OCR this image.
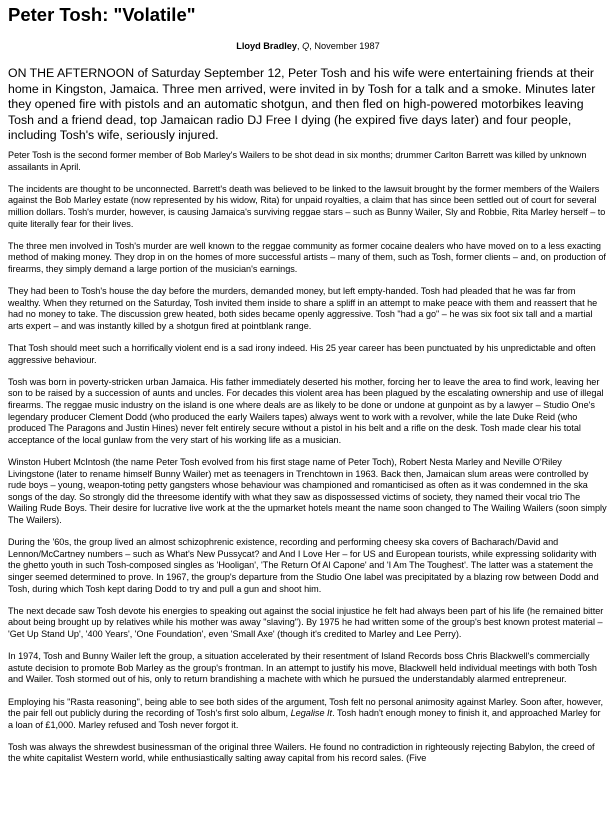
Peter Tosh: "Volatile"
Lloyd Bradley, Q, November 1987

ON THE AFTERNOON of Saturday September 12, Peter Tosh and his wife were entertaining friends at their home in Kingston, Jamaica. Three men arrived, were invited in by Tosh for a talk and a smoke. Minutes later they opened fire with pistols and an automatic shotgun, and then fled on high-powered motorbikes leaving Tosh and a friend dead, top Jamaican radio DJ Free I dying (he expired five days later) and four people, including Tosh's wife, seriously injured.

Peter Tosh is the second former member of Bob Marley's Wailers to be shot dead in six months; drummer Carlton Barrett was killed by unknown assailants in April.

The incidents are thought to be unconnected. Barrett's death was believed to be linked to the lawsuit brought by the former members of the Wailers against the Bob Marley estate (now represented by his widow, Rita) for unpaid royalties, a claim that has since been settled out of court for several million dollars. Tosh's murder, however, is causing Jamaica's surviving reggae stars – such as Bunny Wailer, Sly and Robbie, Rita Marley herself – to quite literally fear for their lives.

The three men involved in Tosh's murder are well known to the reggae community as former cocaine dealers who have moved on to a less exacting method of making money. They drop in on the homes of more successful artists – many of them, such as Tosh, former clients – and, on production of firearms, they simply demand a large portion of the musician's earnings.

They had been to Tosh's house the day before the murders, demanded money, but left empty-handed. Tosh had pleaded that he was far from wealthy. When they returned on the Saturday, Tosh invited them inside to share a spliff in an attempt to make peace with them and reassert that he had no money to take. The discussion grew heated, both sides became openly aggressive. Tosh "had a go" – he was six foot six tall and a martial arts expert – and was instantly killed by a shotgun fired at pointblank range.

That Tosh should meet such a horrifically violent end is a sad irony indeed. His 25 year career has been punctuated by his unpredictable and often aggressive behaviour.

Tosh was born in poverty-stricken urban Jamaica. His father immediately deserted his mother, forcing her to leave the area to find work, leaving her son to be raised by a succession of aunts and uncles. For decades this violent area has been plagued by the escalating ownership and use of illegal firearms. The reggae music industry on the island is one where deals are as likely to be done or undone at gunpoint as by a lawyer – Studio One's legendary producer Clement Dodd (who produced the early Wailers tapes) always went to work with a revolver, while the late Duke Reid (who produced The Paragons and Justin Hines) never felt entirely secure without a pistol in his belt and a rifle on the desk. Tosh made clear his total acceptance of the local gunlaw from the very start of his working life as a musician.

Winston Hubert McIntosh (the name Peter Tosh evolved from his first stage name of Peter Toch), Robert Nesta Marley and Neville O'Riley Livingstone (later to rename himself Bunny Wailer) met as teenagers in Trenchtown in 1963. Back then, Jamaican slum areas were controlled by rude boys – young, weapon-toting petty gangsters whose behaviour was championed and romanticised as often as it was condemned in the ska songs of the day. So strongly did the threesome identify with what they saw as dispossessed victims of society, they named their vocal trio The Wailing Rude Boys. Their desire for lucrative live work at the the upmarket hotels meant the name soon changed to The Wailing Wailers (soon simply The Wailers).

During the '60s, the group lived an almost schizophrenic existence, recording and performing cheesy ska covers of Bacharach/David and Lennon/McCartney numbers – such as What's New Pussycat? and And I Love Her – for US and European tourists, while expressing solidarity with the ghetto youth in such Tosh-composed singles as 'Hooligan', 'The Return Of Al Capone' and 'I Am The Toughest'. The latter was a statement the singer seemed determined to prove. In 1967, the group's departure from the Studio One label was precipitated by a blazing row between Dodd and Tosh, during which Tosh kept daring Dodd to try and pull a gun and shoot him.

The next decade saw Tosh devote his energies to speaking out against the social injustice he felt had always been part of his life (he remained bitter about being brought up by relatives while his mother was away "slaving"). By 1975 he had written some of the group's best known protest material – 'Get Up Stand Up', '400 Years', 'One Foundation', even 'Small Axe' (though it's credited to Marley and Lee Perry).

In 1974, Tosh and Bunny Wailer left the group, a situation accelerated by their resentment of Island Records boss Chris Blackwell's commercially astute decision to promote Bob Marley as the group's frontman. In an attempt to justify his move, Blackwell held individual meetings with both Tosh and Wailer. Tosh stormed out of his, only to return brandishing a machete with which he pursued the understandably alarmed entrepreneur.

Employing his "Rasta reasoning", being able to see both sides of the argument, Tosh felt no personal animosity against Marley. Soon after, however, the pair fell out publicly during the recording of Tosh's first solo album, Legalise It. Tosh hadn't enough money to finish it, and approached Marley for a loan of £1,000. Marley refused and Tosh never forgot it.

Tosh was always the shrewdest businessman of the original three Wailers. He found no contradiction in righteously rejecting Babylon, the creed of the white capitalist Western world, while enthusiastically salting away capital from his record sales. (Five
